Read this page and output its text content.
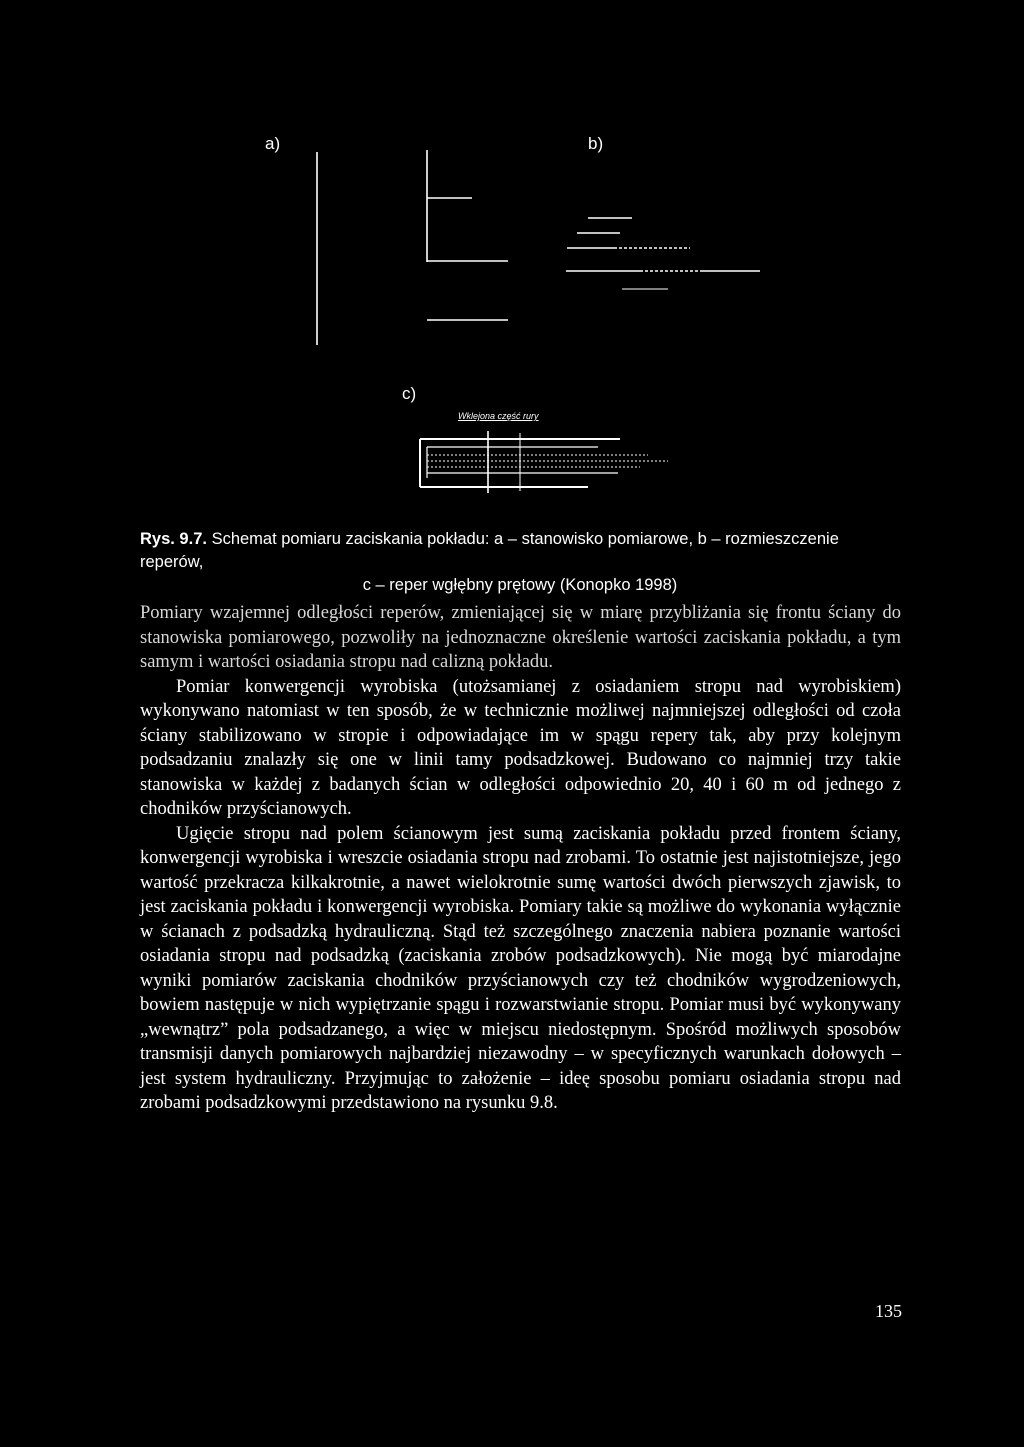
a)	b)
c)
Wklejona część rury
Rys. 9.7. Schemat pomiaru zaciskania pokładu: a – stanowisko pomiarowe, b – rozmieszczenie reperów,
c – reper wgłębny prętowy (Konopko 1998)

Pomiary wzajemnej odległości reperów, zmieniającej się w miarę przybliżania się frontu ściany do stanowiska pomiarowego, pozwoliły na jednoznaczne określenie wartości zaciskania pokładu, a tym samym i wartości osiadania stropu nad calizną pokładu.

Pomiar konwergencji wyrobiska (utożsamianej z osiadaniem stropu nad wyrobiskiem) wykonywano natomiast w ten sposób, że w technicznie możliwej najmniejszej odległości od czoła ściany stabilizowano w stropie i odpowiadające im w spągu repery tak, aby przy kolejnym podsadzaniu znalazły się one w linii tamy podsadzkowej. Budowano co najmniej trzy takie stanowiska w każdej z badanych ścian w odległości odpowiednio 20, 40 i 60 m od jednego z chodników przyścianowych.

Ugięcie stropu nad polem ścianowym jest sumą zaciskania pokładu przed frontem ściany, konwergencji wyrobiska i wreszcie osiadania stropu nad zrobami. To ostatnie jest najistotniejsze, jego wartość przekracza kilkakrotnie, a nawet wielokrotnie sumę wartości dwóch pierwszych zjawisk, to jest zaciskania pokładu i konwergencji wyrobiska. Pomiary takie są możliwe do wykonania wyłącznie w ścianach z podsadzką hydrauliczną. Stąd też szczególnego znaczenia nabiera poznanie wartości osiadania stropu nad podsadzką (zaciskania zrobów podsadzkowych). Nie mogą być miarodajne wyniki pomiarów zaciskania chodników przyścianowych czy też chodników wygrodzeniowych, bowiem następuje w nich wypiętrzanie spągu i rozwarstwianie stropu. Pomiar musi być wykonywany „wewnątrz” pola podsadzanego, a więc w miejscu niedostępnym. Spośród możliwych sposobów transmisji danych pomiarowych najbardziej niezawodny – w specyficznych warunkach dołowych – jest system hydrauliczny. Przyjmując to założenie – ideę sposobu pomiaru osiadania stropu nad zrobami podsadzkowymi przedstawiono na rysunku 9.8.

135
